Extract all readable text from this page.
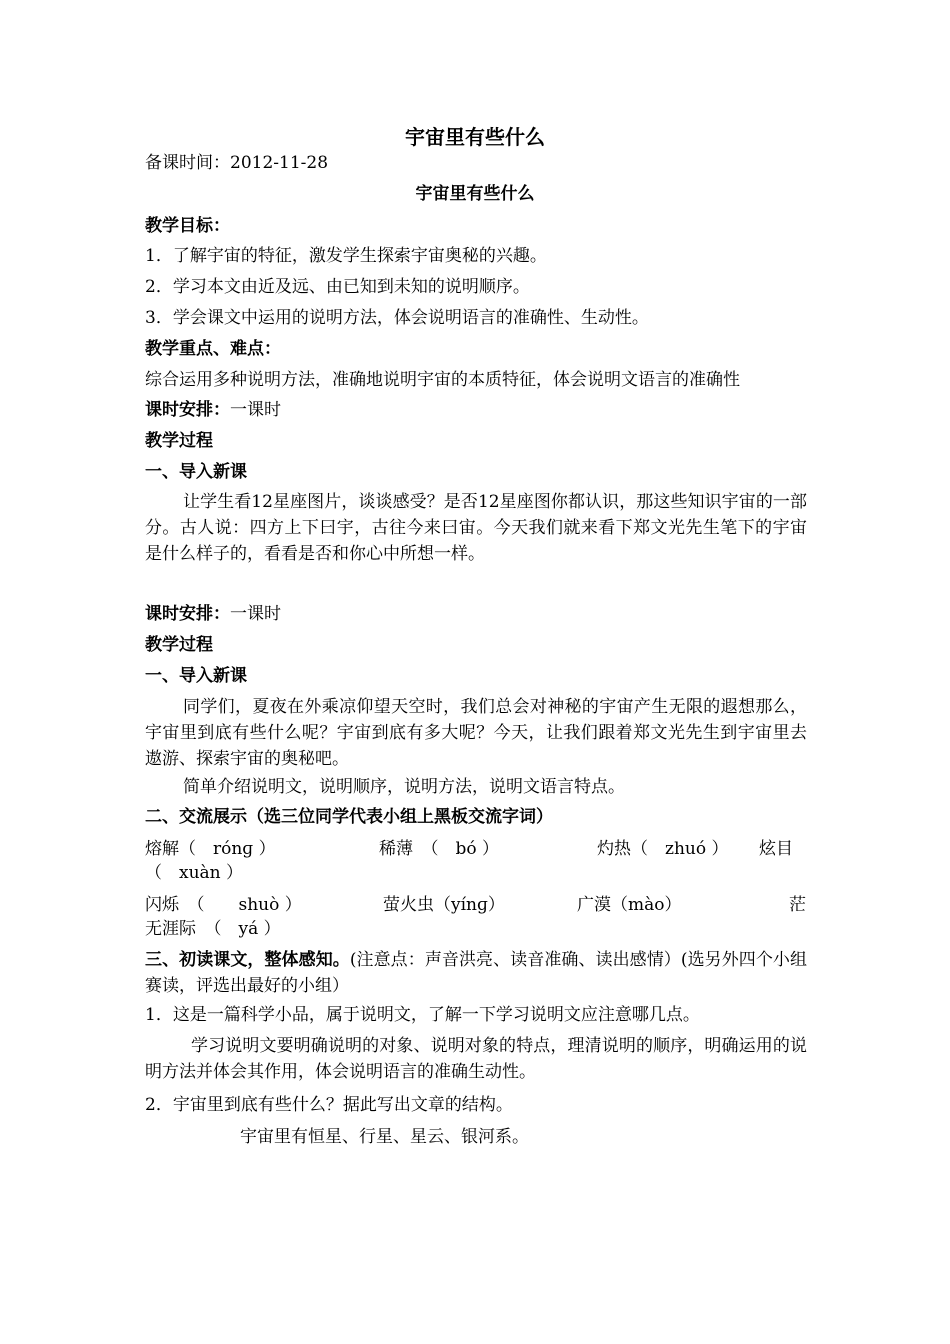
宇宙里有些什么
备课时间：2012-11-28
宇宙里有些什么
教学目标：
1．了解宇宙的特征，激发学生探索宇宙奥秘的兴趣。
2．学习本文由近及远、由已知到未知的说明顺序。
3．学会课文中运用的说明方法，体会说明语言的准确性、生动性。
教学重点、难点：
综合运用多种说明方法，准确地说明宇宙的本质特征，体会说明文语言的准确性
课时安排：一课时
教学过程
一、导入新课
让学生看12星座图片，谈谈感受？是否12星座图你都认识，那这些知识宇宙的一部分。古人说：四方上下曰宇，古往今来曰宙。今天我们就来看下郑文光先生笔下的宇宙是什么样子的，看看是否和你心中所想一样。
课时安排：一课时
教学过程
一、导入新课
同学们，夏夜在外乘凉仰望天空时，我们总会对神秘的宇宙产生无限的遐想那么，宇宙里到底有些什么呢？宇宙到底有多大呢？今天，让我们跟着郑文光先生到宇宙里去遨游、探索宇宙的奥秘吧。
简单介绍说明文，说明顺序，说明方法，说明文语言特点。
二、交流展示（选三位同学代表小组上黑板交流字词）
熔解（　rónɡ ）	稀薄　（　bó ）	灼热（　zhuó ） 炫目
（　xuàn ）
闪烁　（　　shuò ）	萤火虫（yínɡ）	广漠（mào）	茫
无涯际　（　yá ）
三、初读课文，整体感知。(注意点：声音洪亮、读音准确、读出感情）(选另外四个小组赛读，评选出最好的小组）
1．这是一篇科学小品，属于说明文，了解一下学习说明文应注意哪几点。
学习说明文要明确说明的对象、说明对象的特点，理清说明的顺序，明确运用的说明方法并体会其作用，体会说明语言的准确生动性。
2．宇宙里到底有些什么？据此写出文章的结构。
宇宙里有恒星、行星、星云、银河系。
